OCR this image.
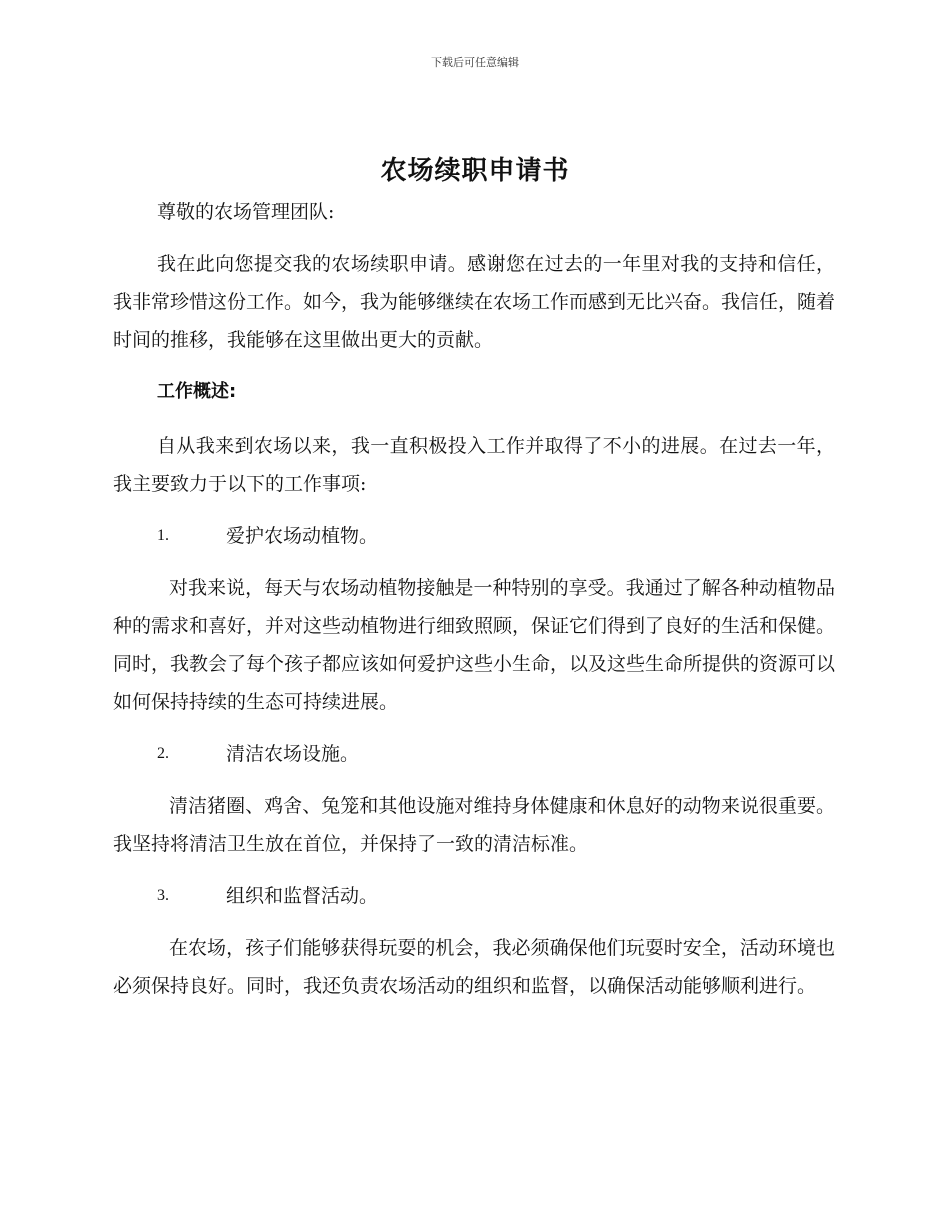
下载后可任意编辑
农场续职申请书

尊敬的农场管理团队:

我在此向您提交我的农场续职申请。感谢您在过去的一年里对我的支持和信任，我非常珍惜这份工作。如今，我为能够继续在农场工作而感到无比兴奋。我信任，随着时间的推移，我能够在这里做出更大的贡献。

工作概述:

自从我来到农场以来，我一直积极投入工作并取得了不小的进展。在过去一年，我主要致力于以下的工作事项:

1.	爱护农场动植物。

对我来说，每天与农场动植物接触是一种特别的享受。我通过了解各种动植物品种的需求和喜好，并对这些动植物进行细致照顾，保证它们得到了良好的生活和保健。同时，我教会了每个孩子都应该如何爱护这些小生命，以及这些生命所提供的资源可以如何保持持续的生态可持续进展。

2.	清洁农场设施。

清洁猪圈、鸡舍、兔笼和其他设施对维持身体健康和休息好的动物来说很重要。我坚持将清洁卫生放在首位，并保持了一致的清洁标准。

3.	组织和监督活动。

在农场，孩子们能够获得玩耍的机会，我必须确保他们玩耍时安全，活动环境也必须保持良好。同时，我还负责农场活动的组织和监督，以确保活动能够顺利进行。
